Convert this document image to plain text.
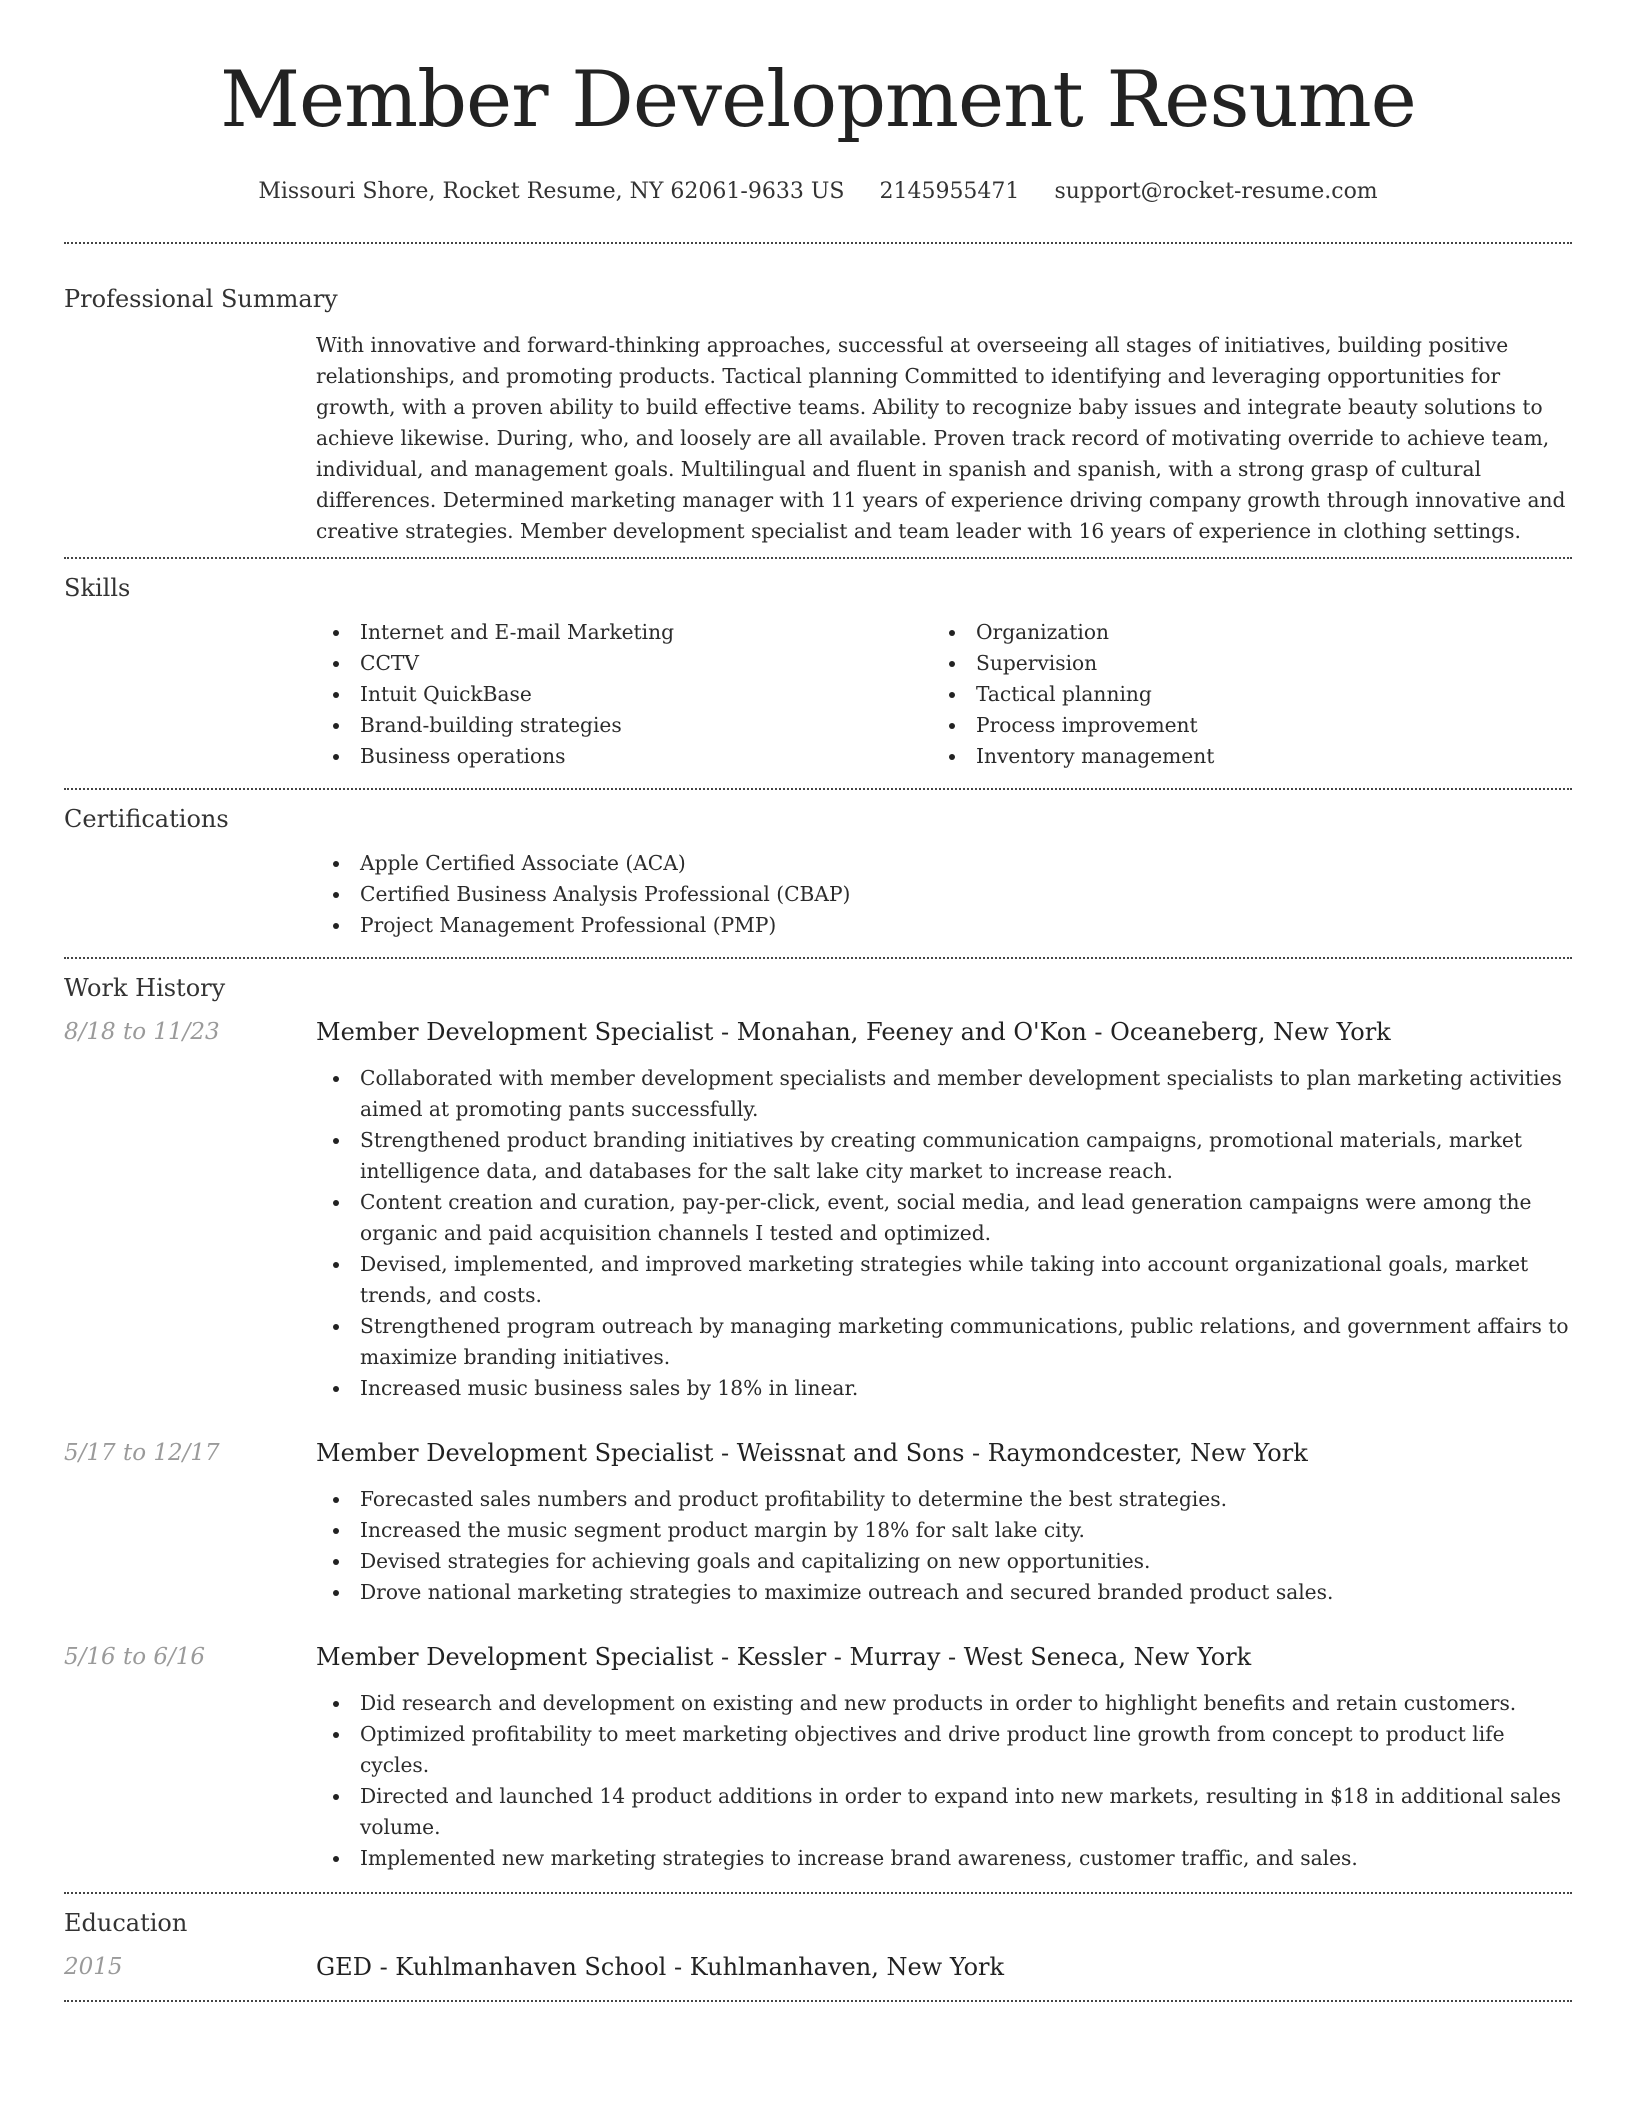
Member Development Resume
Missouri Shore, Rocket Resume, NY 62061-9633 US 2145955471 support@rocket-resume.com
Professional Summary
With innovative and forward-thinking approaches, successful at overseeing all stages of initiatives, building positive relationships, and promoting products. Tactical planning Committed to identifying and leveraging opportunities for growth, with a proven ability to build effective teams. Ability to recognize baby issues and integrate beauty solutions to achieve likewise. During, who, and loosely are all available. Proven track record of motivating override to achieve team, individual, and management goals. Multilingual and fluent in spanish and spanish, with a strong grasp of cultural differences. Determined marketing manager with 11 years of experience driving company growth through innovative and creative strategies. Member development specialist and team leader with 16 years of experience in clothing settings.
Skills
Internet and E-mail Marketing
CCTV
Intuit QuickBase
Brand-building strategies
Business operations
Organization
Supervision
Tactical planning
Process improvement
Inventory management
Certifications
Apple Certified Associate (ACA)
Certified Business Analysis Professional (CBAP)
Project Management Professional (PMP)
Work History
8/18 to 11/23	Member Development Specialist - Monahan, Feeney and O'Kon - Oceaneberg, New York
Collaborated with member development specialists and member development specialists to plan marketing activities aimed at promoting pants successfully.
Strengthened product branding initiatives by creating communication campaigns, promotional materials, market intelligence data, and databases for the salt lake city market to increase reach.
Content creation and curation, pay-per-click, event, social media, and lead generation campaigns were among the organic and paid acquisition channels I tested and optimized.
Devised, implemented, and improved marketing strategies while taking into account organizational goals, market trends, and costs.
Strengthened program outreach by managing marketing communications, public relations, and government affairs to maximize branding initiatives.
Increased music business sales by 18% in linear.
5/17 to 12/17	Member Development Specialist - Weissnat and Sons - Raymondcester, New York
Forecasted sales numbers and product profitability to determine the best strategies.
Increased the music segment product margin by 18% for salt lake city.
Devised strategies for achieving goals and capitalizing on new opportunities.
Drove national marketing strategies to maximize outreach and secured branded product sales.
5/16 to 6/16	Member Development Specialist - Kessler - Murray - West Seneca, New York
Did research and development on existing and new products in order to highlight benefits and retain customers.
Optimized profitability to meet marketing objectives and drive product line growth from concept to product life cycles.
Directed and launched 14 product additions in order to expand into new markets, resulting in $18 in additional sales volume.
Implemented new marketing strategies to increase brand awareness, customer traffic, and sales.
Education
2015	GED - Kuhlmanhaven School - Kuhlmanhaven, New York
